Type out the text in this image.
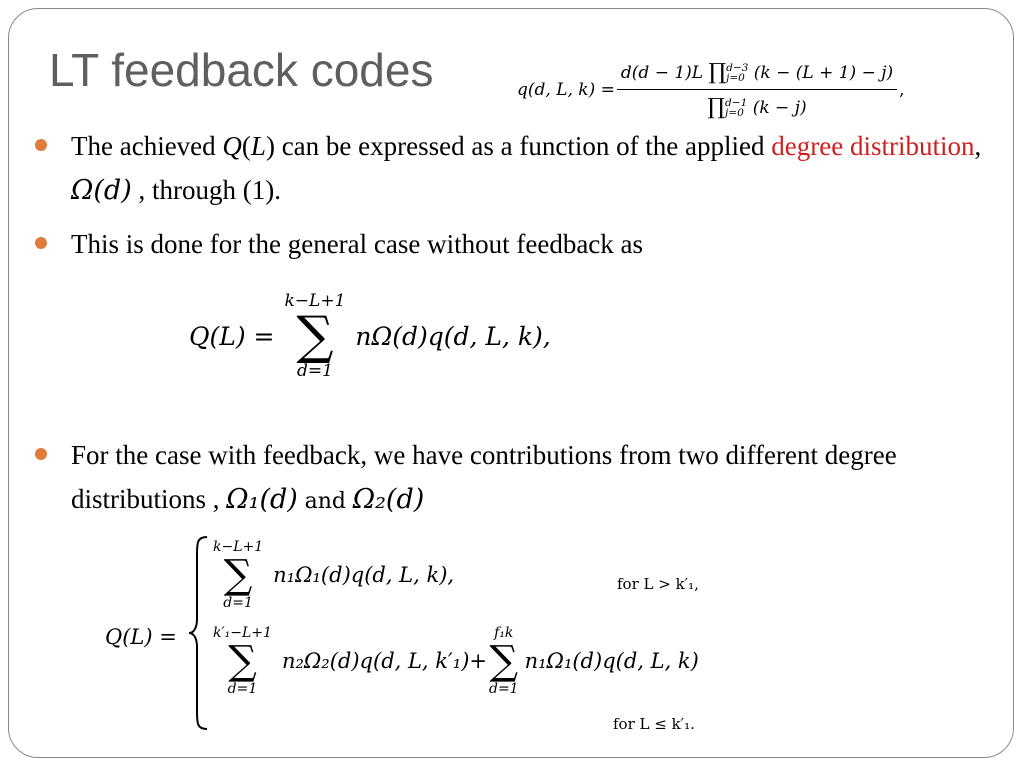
LT feedback codes	q(d, L, k) = d(d − 1)L ∏ d−3
j=0 (k − (L + 1) − j)
∏ d−1
j=0 (k − j) ,
The achieved Q(L) can be expressed as a function of the applied degree distribution, Ω(d) , through (1).
This is done for the general case without feedback as
Q(L) =
k−L+1
∑
d=1
nΩ(d)q(d, L, k),
For the case with feedback, we have contributions from two different degree distributions , Ω₁(d) and Ω₂(d)
Q(L) =
k−L+1
∑
d=1
n₁Ω₁(d)q(d, L, k),	for L > k′₁,
k′₁−L+1
∑
d=1
n₂Ω₂(d)q(d, L, k′₁)+
f₁k
∑
d=1
n₁Ω₁(d)q(d, L, k)
for L ≤ k′₁.
